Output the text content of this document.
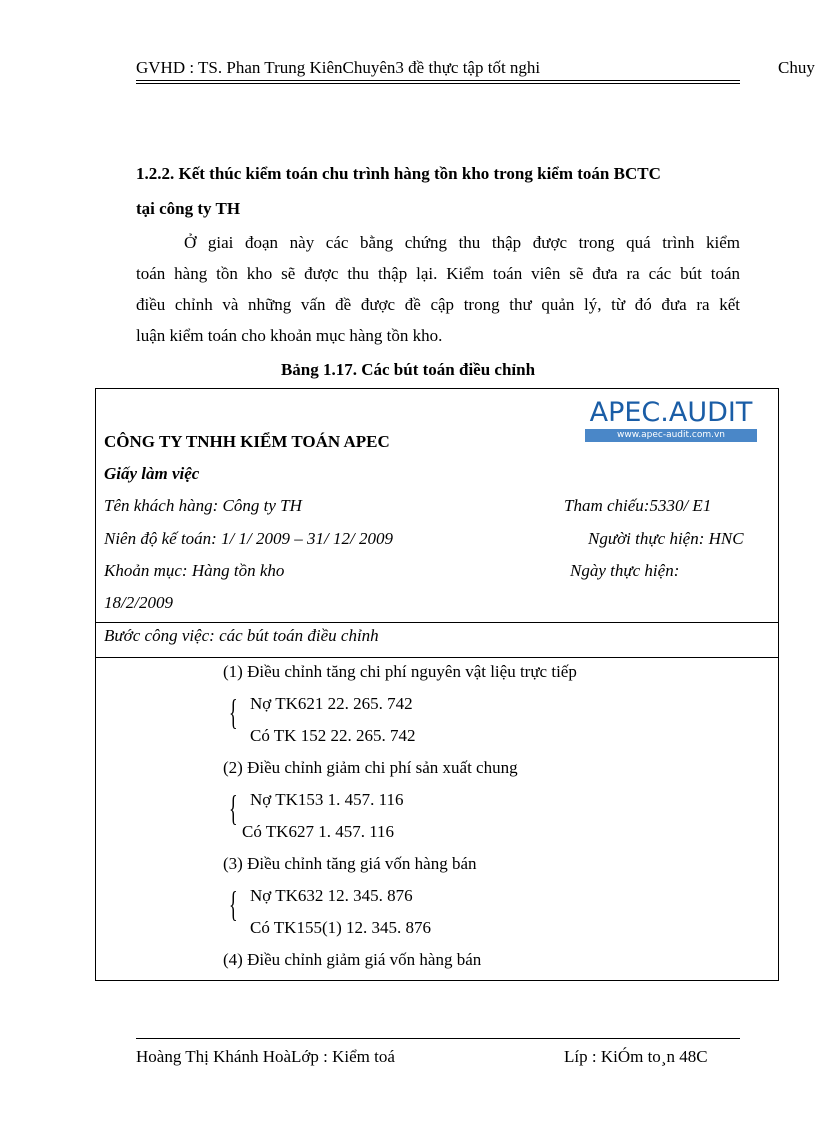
GVHD : TS. Phan Trung KiênChuyên3 đề thực tập tốt nghi	Chuy
1.2.2. Kết thúc kiểm toán chu trình hàng tồn kho trong kiểm toán BCTC
tại công ty TH
Ở giai đoạn này các bằng chứng thu thập được trong quá trình kiểm
toán hàng tồn kho sẽ được thu thập lại. Kiểm toán viên sẽ đưa ra các bút toán
điều chỉnh và những vấn đề được đề cập trong thư quản lý, từ đó đưa ra kết
luận kiểm toán cho khoản mục hàng tồn kho.
Bảng 1.17. Các bút toán điều chỉnh
APEC.AUDIT
www.apec-audit.com.vn
CÔNG TY TNHH KIỂM TOÁN APEC
Giấy làm việc
Tên khách hàng: Công ty TH	Tham chiếu:5330/ E1
Niên độ kế toán: 1/ 1/ 2009 – 31/ 12/ 2009	Người thực hiện: HNC
Khoản mục: Hàng tồn kho	Ngày thực hiện:
18/2/2009
Bước công việc: các bút toán điều chỉnh
(1) Điều chỉnh tăng chi phí nguyên vật liệu trực tiếp
{ Nợ TK621 22. 265. 742
Có TK 152 22. 265. 742
(2) Điều chỉnh giảm chi phí sản xuất chung
{ Nợ TK153 1. 457. 116
Có TK627 1. 457. 116
(3) Điều chỉnh tăng giá vốn hàng bán
{ Nợ TK632 12. 345. 876
Có TK155(1) 12. 345. 876
(4) Điều chỉnh giảm giá vốn hàng bán
Hoàng Thị Khánh HoàLớp : Kiểm toá	Líp : KiÓm to¸n 48C
